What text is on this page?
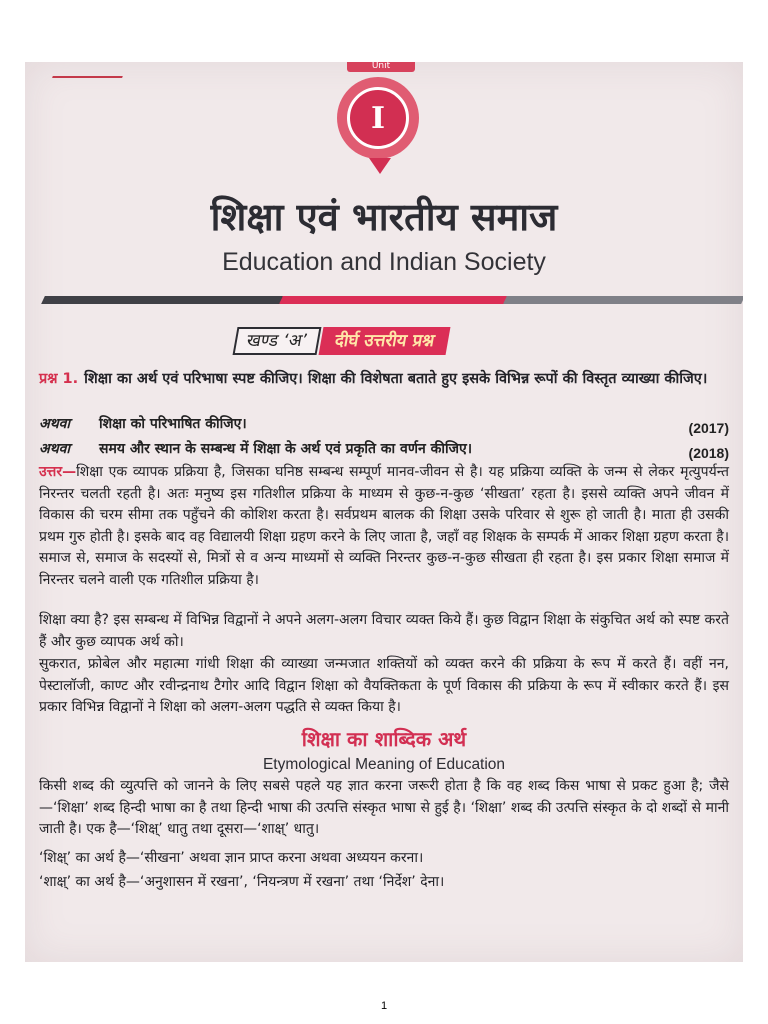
Unit
I
शिक्षा एवं भारतीय समाज
Education and Indian Society
खण्ड ‘अ’	दीर्घ उत्तरीय प्रश्न
प्रश्न 1. शिक्षा का अर्थ एवं परिभाषा स्पष्ट कीजिए। शिक्षा की विशेषता बताते हुए इसके विभिन्न रूपों की विस्तृत व्याख्या कीजिए।
अथवा	शिक्षा को परिभाषित कीजिए।	(2017)
अथवा	समय और स्थान के सम्बन्ध में शिक्षा के अर्थ एवं प्रकृति का वर्णन कीजिए।	(2018)
उत्तर—शिक्षा एक व्यापक प्रक्रिया है, जिसका घनिष्ठ सम्बन्ध सम्पूर्ण मानव-जीवन से है। यह प्रक्रिया व्यक्ति के जन्म से लेकर मृत्युपर्यन्त निरन्तर चलती रहती है। अतः मनुष्य इस गतिशील प्रक्रिया के माध्यम से कुछ-न-कुछ ‘सीखता’ रहता है। इससे व्यक्ति अपने जीवन में विकास की चरम सीमा तक पहुँचने की कोशिश करता है। सर्वप्रथम बालक की शिक्षा उसके परिवार से शुरू हो जाती है। माता ही उसकी प्रथम गुरु होती है। इसके बाद वह विद्यालयी शिक्षा ग्रहण करने के लिए जाता है, जहाँ वह शिक्षक के सम्पर्क में आकर शिक्षा ग्रहण करता है। समाज से, समाज के सदस्यों से, मित्रों से व अन्य माध्यमों से व्यक्ति निरन्तर कुछ-न-कुछ सीखता ही रहता है। इस प्रकार शिक्षा समाज में निरन्तर चलने वाली एक गतिशील प्रक्रिया है।
शिक्षा क्या है? इस सम्बन्ध में विभिन्न विद्वानों ने अपने अलग-अलग विचार व्यक्त किये हैं। कुछ विद्वान शिक्षा के संकुचित अर्थ को स्पष्ट करते हैं और कुछ व्यापक अर्थ को।
सुकरात, फ्रोबेल और महात्मा गांधी शिक्षा की व्याख्या जन्मजात शक्तियों को व्यक्त करने की प्रक्रिया के रूप में करते हैं। वहीं नन, पेस्टालॉजी, काण्ट और रवीन्द्रनाथ टैगोर आदि विद्वान शिक्षा को वैयक्तिकता के पूर्ण विकास की प्रक्रिया के रूप में स्वीकार करते हैं। इस प्रकार विभिन्न विद्वानों ने शिक्षा को अलग-अलग पद्धति से व्यक्त किया है।
शिक्षा का शाब्दिक अर्थ
Etymological Meaning of Education
किसी शब्द की व्युत्पत्ति को जानने के लिए सबसे पहले यह ज्ञात करना जरूरी होता है कि वह शब्द किस भाषा से प्रकट हुआ है; जैसे—‘शिक्षा’ शब्द हिन्दी भाषा का है तथा हिन्दी भाषा की उत्पत्ति संस्कृत भाषा से हुई है। ‘शिक्षा’ शब्द की उत्पत्ति संस्कृत के दो शब्दों से मानी जाती है। एक है—‘शिक्ष्’ धातु तथा दूसरा—‘शाक्ष्’ धातु।
‘शिक्ष्’ का अर्थ है—‘सीखना’ अथवा ज्ञान प्राप्त करना अथवा अध्ययन करना।
‘शाक्ष्’ का अर्थ है—‘अनुशासन में रखना’, ‘नियन्त्रण में रखना’ तथा ‘निर्देश’ देना।
1
